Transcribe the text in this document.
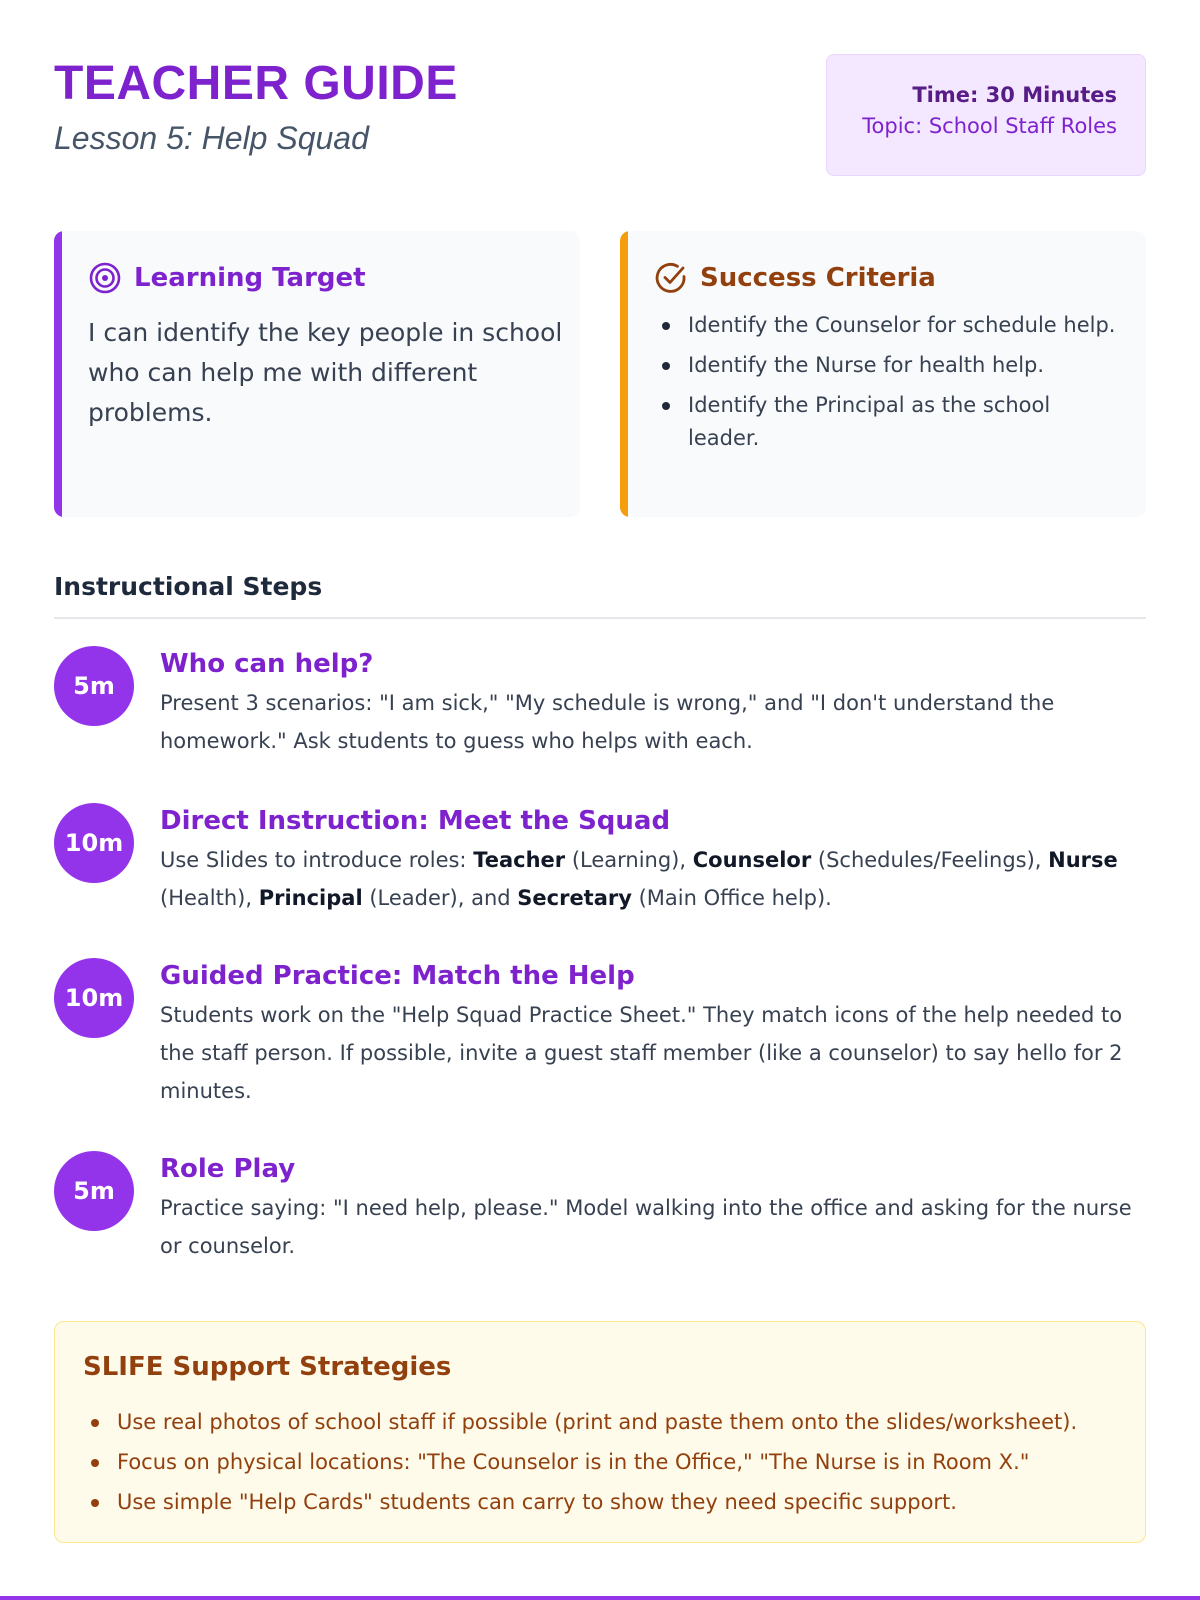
TEACHER GUIDE
Lesson 5: Help Squad
Time: 30 Minutes
Topic: School Staff Roles
Learning Target
I can identify the key people in school who can help me with different problems.
Success Criteria
Identify the Counselor for schedule help.
Identify the Nurse for health help.
Identify the Principal as the school leader.
Instructional Steps
5m
Who can help?
Present 3 scenarios: "I am sick," "My schedule is wrong," and "I don't understand the homework." Ask students to guess who helps with each.
10m
Direct Instruction: Meet the Squad
Use Slides to introduce roles: Teacher (Learning), Counselor (Schedules/Feelings), Nurse (Health), Principal (Leader), and Secretary (Main Office help).
10m
Guided Practice: Match the Help
Students work on the "Help Squad Practice Sheet." They match icons of the help needed to the staff person. If possible, invite a guest staff member (like a counselor) to say hello for 2 minutes.
5m
Role Play
Practice saying: "I need help, please." Model walking into the office and asking for the nurse or counselor.
SLIFE Support Strategies
Use real photos of school staff if possible (print and paste them onto the slides/worksheet).
Focus on physical locations: "The Counselor is in the Office," "The Nurse is in Room X."
Use simple "Help Cards" students can carry to show they need specific support.
